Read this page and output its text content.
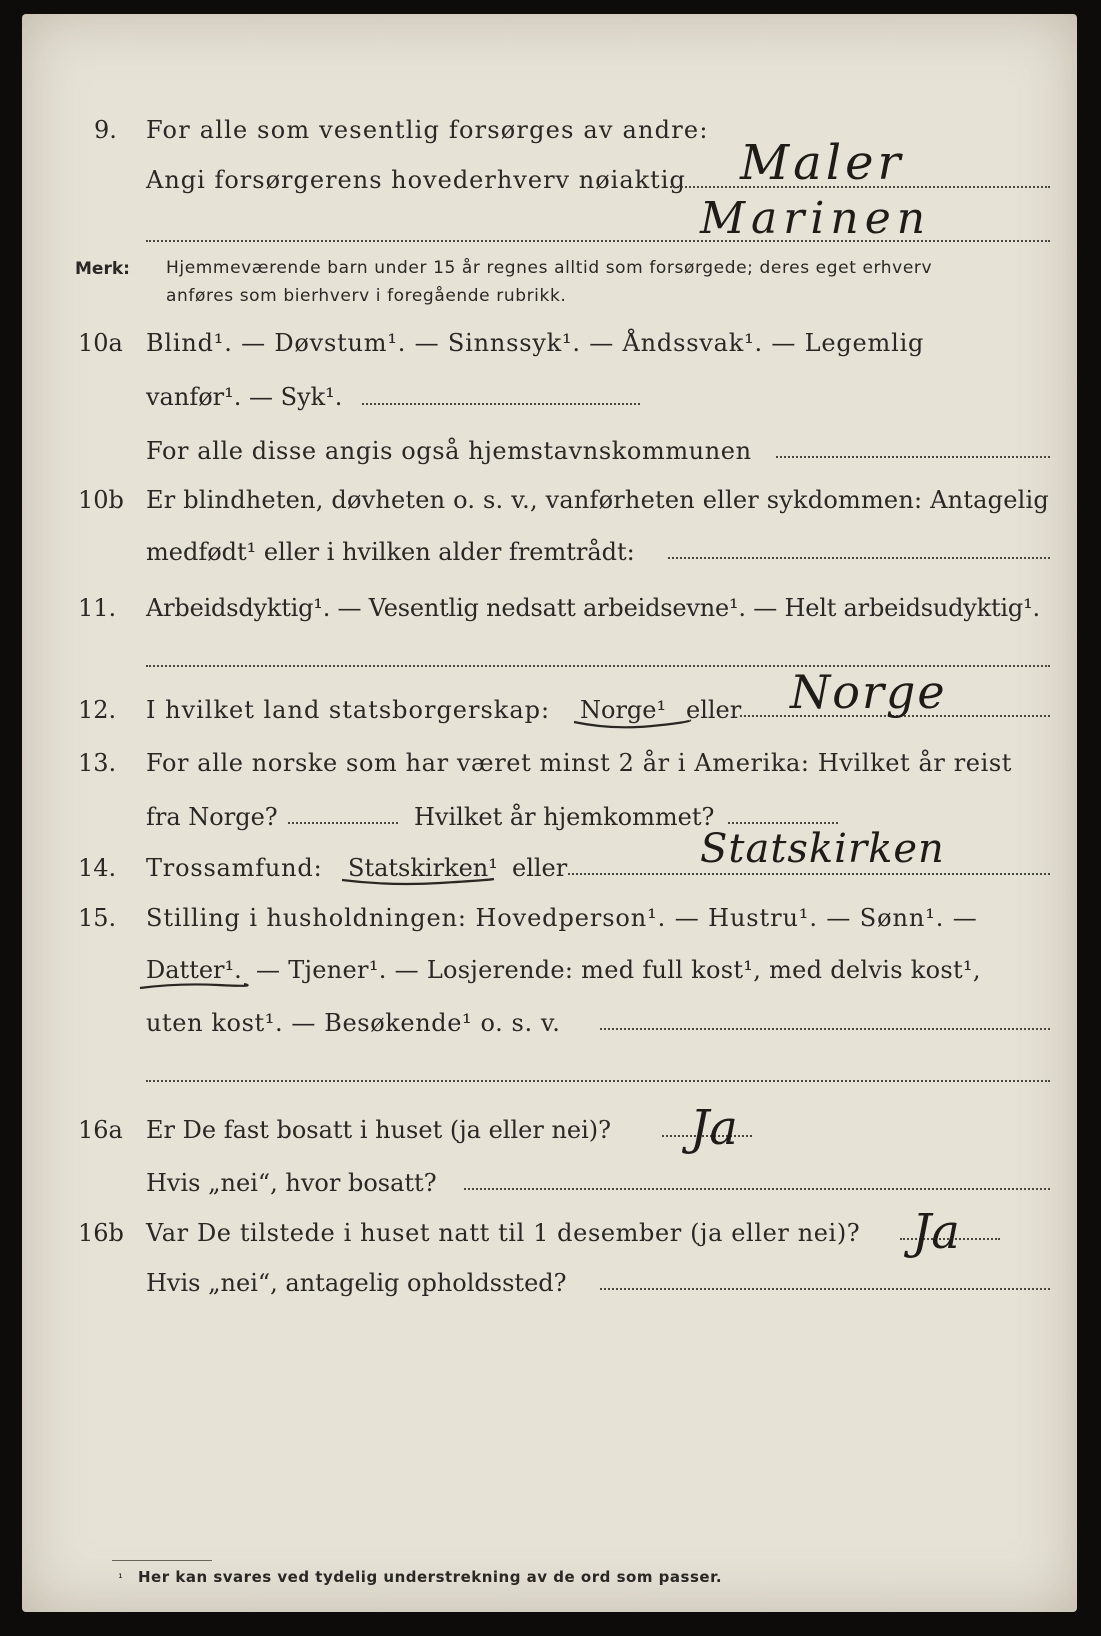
9. For alle som vesentlig forsørges av andre:
Angi forsørgerens hovederhverv nøiaktig Maler
Marinen
Merk: Hjemmeværende barn under 15 år regnes alltid som forsørgede; deres eget erhverv
anføres som bierhverv i foregående rubrikk.
10a Blind¹. — Døvstum¹. — Sinnssyk¹. — Åndssvak¹. — Legemlig
vanfør¹. — Syk¹.
For alle disse angis også hjemstavnskommunen
10b Er blindheten, døvheten o. s. v., vanførheten eller sykdommen: Antagelig
medfødt¹ eller i hvilken alder fremtrådt:
11. Arbeidsdyktig¹. — Vesentlig nedsatt arbeidsevne¹. — Helt arbeidsudyktig¹.
12. I hvilket land statsborgerskap: Norge¹ eller Norge
13. For alle norske som har været minst 2 år i Amerika: Hvilket år reist
fra Norge?	Hvilket år hjemkommet?
14. Trossamfund: Statskirken¹ eller	Statskirken
15. Stilling i husholdningen: Hovedperson¹. — Hustru¹. — Sønn¹. —
Datter¹. — Tjener¹. — Losjerende: med full kost¹, med delvis kost¹,
uten kost¹. — Besøkende¹ o. s. v.
16a Er De fast bosatt i huset (ja eller nei)? Ja
Hvis „nei“, hvor bosatt?
16b Var De tilstede i huset natt til 1 desember (ja eller nei)? Ja
Hvis „nei“, antagelig opholdssted?
¹ Her kan svares ved tydelig understrekning av de ord som passer.
